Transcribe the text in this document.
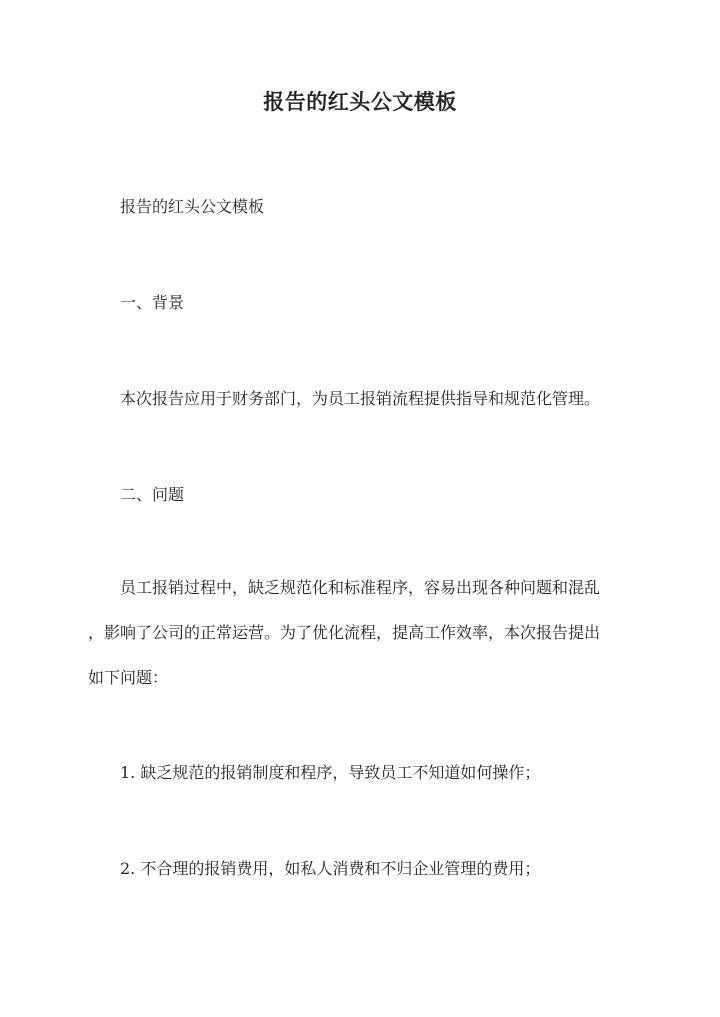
报告的红头公文模板
报告的红头公文模板
一、背景
本次报告应用于财务部门，为员工报销流程提供指导和规范化管理。
二、问题
员工报销过程中，缺乏规范化和标准程序，容易出现各种问题和混乱
，影响了公司的正常运营。为了优化流程，提高工作效率，本次报告提出
如下问题：
1. 缺乏规范的报销制度和程序，导致员工不知道如何操作；
2. 不合理的报销费用，如私人消费和不归企业管理的费用；
